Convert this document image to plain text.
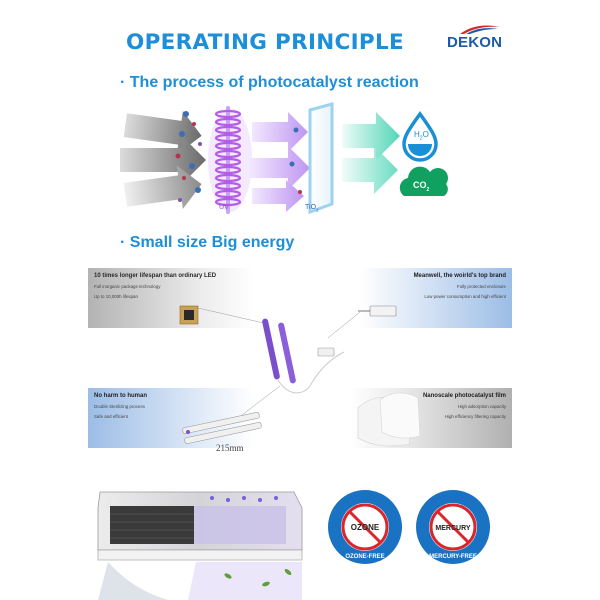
OPERATING PRINCIPLE	DEKON
· The process of photocatalyst reaction
$H_2O$
$CO_2$
UV	TiO$_2$
· Small size Big energy
10 times longer lifespan than ordinary LED
Full inorganic package technology
Up to 10,000h lifespan
Meanwell, the woirld's top brand
Fully protected enclosure
Low power consumption and high efficient
No harm to human
Double Sterilizing process
Safe and efficient
Nanoscale photocatalyst film
High adsorption capacity
High efficiency filtering capacity
215mm
OZONE
OZONE-FREE
MERCURY
MERCURY-FREE
